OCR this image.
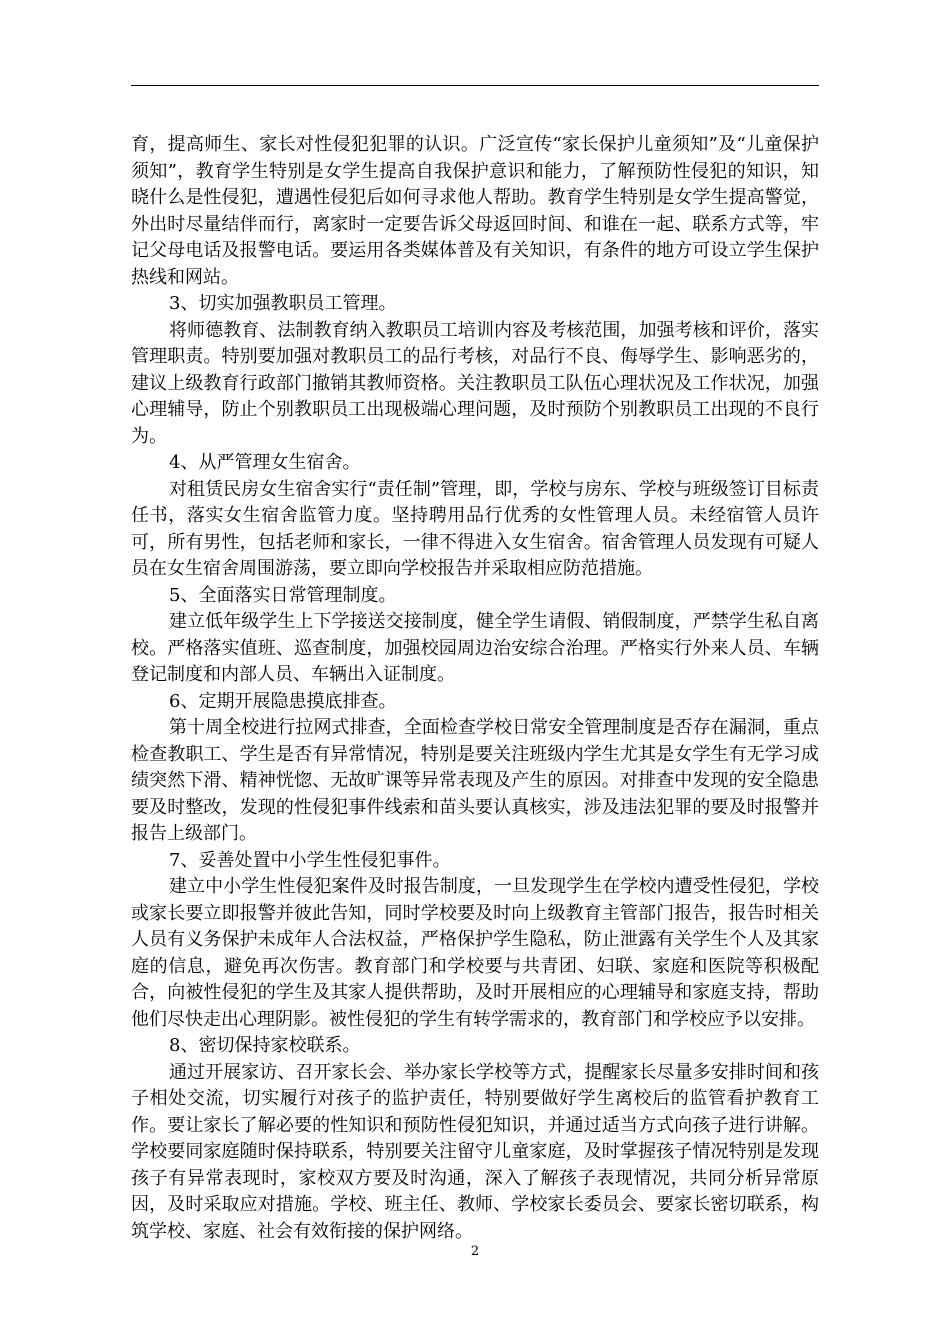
育，提高师生、家长对性侵犯犯罪的认识。广泛宣传“家长保护儿童须知”及“儿童保护须知”，教育学生特别是女学生提高自我保护意识和能力，了解预防性侵犯的知识，知晓什么是性侵犯，遭遇性侵犯后如何寻求他人帮助。教育学生特别是女学生提高警觉，外出时尽量结伴而行，离家时一定要告诉父母返回时间、和谁在一起、联系方式等，牢记父母电话及报警电话。要运用各类媒体普及有关知识，有条件的地方可设立学生保护热线和网站。

3、切实加强教职员工管理。

将师德教育、法制教育纳入教职员工培训内容及考核范围，加强考核和评价，落实管理职责。特别要加强对教职员工的品行考核，对品行不良、侮辱学生、影响恶劣的，建议上级教育行政部门撤销其教师资格。关注教职员工队伍心理状况及工作状况，加强心理辅导，防止个别教职员工出现极端心理问题，及时预防个别教职员工出现的不良行为。

4、从严管理女生宿舍。

对租赁民房女生宿舍实行“责任制”管理，即，学校与房东、学校与班级签订目标责任书，落实女生宿舍监管力度。坚持聘用品行优秀的女性管理人员。未经宿管人员许可，所有男性，包括老师和家长，一律不得进入女生宿舍。宿舍管理人员发现有可疑人员在女生宿舍周围游荡，要立即向学校报告并采取相应防范措施。

5、全面落实日常管理制度。

建立低年级学生上下学接送交接制度，健全学生请假、销假制度，严禁学生私自离校。严格落实值班、巡查制度，加强校园周边治安综合治理。严格实行外来人员、车辆登记制度和内部人员、车辆出入证制度。

6、定期开展隐患摸底排查。

第十周全校进行拉网式排查，全面检查学校日常安全管理制度是否存在漏洞，重点检查教职工、学生是否有异常情况，特别是要关注班级内学生尤其是女学生有无学习成绩突然下滑、精神恍惚、无故旷课等异常表现及产生的原因。对排查中发现的安全隐患要及时整改，发现的性侵犯事件线索和苗头要认真核实，涉及违法犯罪的要及时报警并报告上级部门。

7、妥善处置中小学生性侵犯事件。

建立中小学生性侵犯案件及时报告制度，一旦发现学生在学校内遭受性侵犯，学校或家长要立即报警并彼此告知，同时学校要及时向上级教育主管部门报告，报告时相关人员有义务保护未成年人合法权益，严格保护学生隐私，防止泄露有关学生个人及其家庭的信息，避免再次伤害。教育部门和学校要与共青团、妇联、家庭和医院等积极配合，向被性侵犯的学生及其家人提供帮助，及时开展相应的心理辅导和家庭支持，帮助他们尽快走出心理阴影。被性侵犯的学生有转学需求的，教育部门和学校应予以安排。

8、密切保持家校联系。

通过开展家访、召开家长会、举办家长学校等方式，提醒家长尽量多安排时间和孩子相处交流，切实履行对孩子的监护责任，特别要做好学生离校后的监管看护教育工作。要让家长了解必要的性知识和预防性侵犯知识，并通过适当方式向孩子进行讲解。学校要同家庭随时保持联系，特别要关注留守儿童家庭，及时掌握孩子情况特别是发现孩子有异常表现时，家校双方要及时沟通，深入了解孩子表现情况，共同分析异常原因，及时采取应对措施。学校、班主任、教师、学校家长委员会、要家长密切联系，构筑学校、家庭、社会有效衔接的保护网络。

2
